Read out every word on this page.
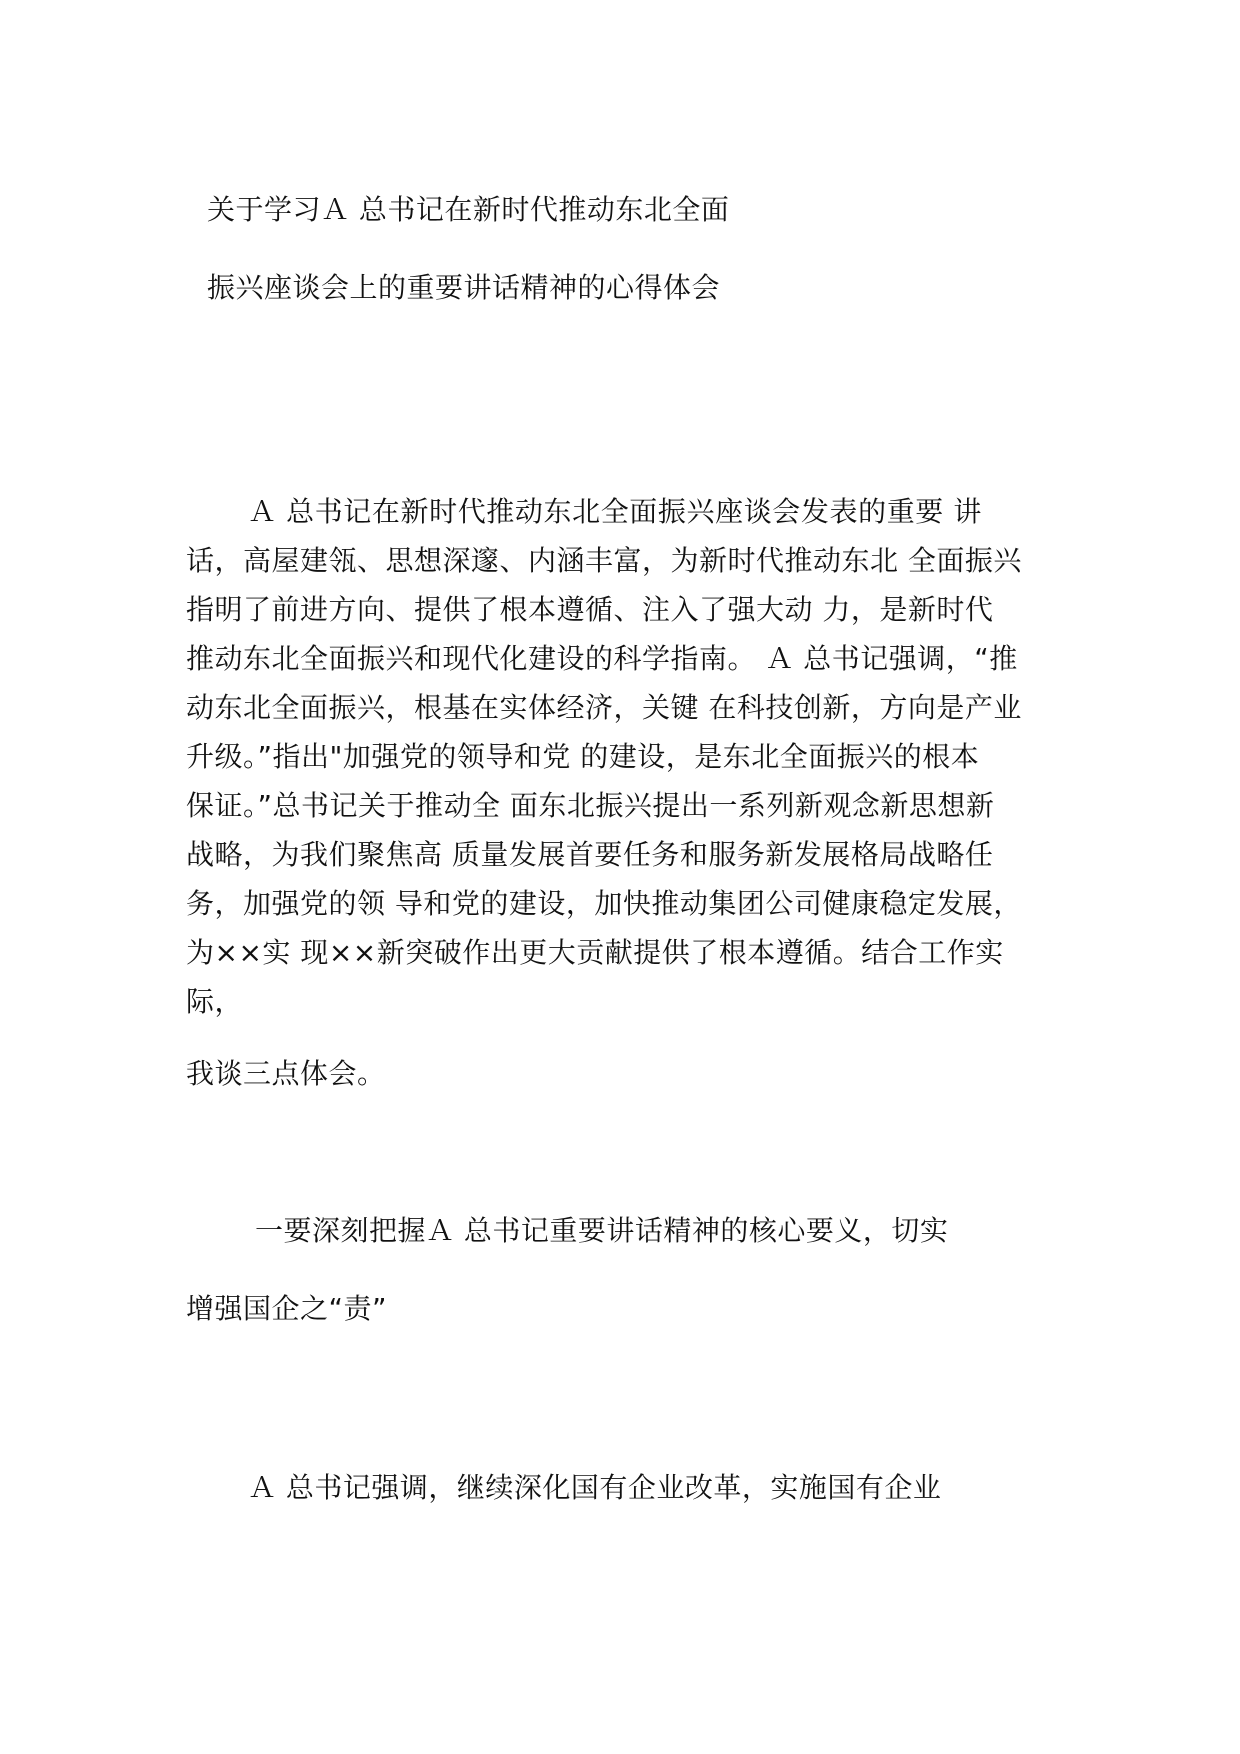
关于学习Ａ 总书记在新时代推动东北全面
振兴座谈会上的重要讲话精神的心得体会
Ａ 总书记在新时代推动东北全面振兴座谈会发表的重要 讲
话，高屋建瓴、思想深邃、内涵丰富，为新时代推动东北 全面振兴
指明了前进方向、提供了根本遵循、注入了强大动 力，是新时代
推动东北全面振兴和现代化建设的科学指南。 Ａ 总书记强调，“推
动东北全面振兴，根基在实体经济，关键 在科技创新，方向是产业
升级。”指出"加强党的领导和党 的建设，是东北全面振兴的根本
保证。”总书记关于推动全 面东北振兴提出一系列新观念新思想新
战略，为我们聚焦高 质量发展首要任务和服务新发展格局战略任
务，加强党的领 导和党的建设，加快推动集团公司健康稳定发展，
为××实 现××新突破作出更大贡献提供了根本遵循。结合工作实
际，
我谈三点体会。
一要深刻把握Ａ 总书记重要讲话精神的核心要义，切实
增强国企之“责”
Ａ 总书记强调，继续深化国有企业改革，实施国有企业
